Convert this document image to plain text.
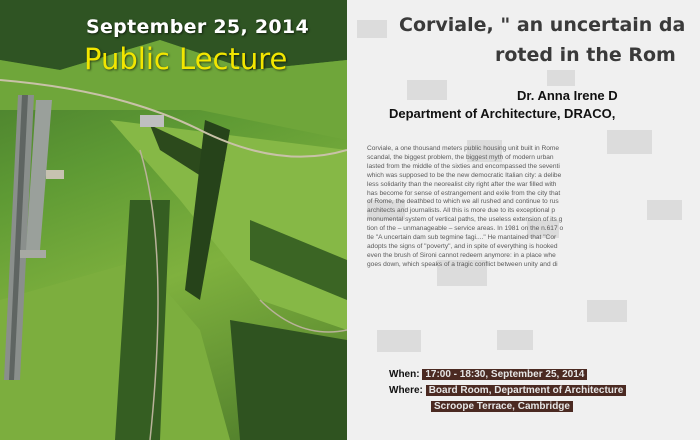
September 25, 2014
Public Lecture
Corviale, " an uncertain da
roted in the Rom
Dr. Anna Irene D
Department of Architecture, DRACO,
Corviale, a one thousand meters public housing unit built in Rome
scandal, the biggest problem, the biggest myth of modern urban
lasted from the middle of the sixties and encompassed the seventi
which was supposed to be the new democratic Italian city: a delibe
less solidarity than the neorealist city right after the war filled with
has become for sense of estrangement and exile from the city that
of Rome, the deathbed to which we all rushed and continue to rus
architects and journalists. All this is more due to its exceptional p
monumental system of vertical paths, the useless extension of its g
tion of the – unmanageable – service areas. In 1981 on the n.617 o
tle "A uncertain dam sub tegmine fagi...." He mantained that "Cor
adopts the signs of "poverty", and in spite of everything is hooked
even the brush of Sironi cannot redeem anymore: in a place whe
goes down, which speaks of a tragic conflict between unity and di
When: 17:00 - 18:30, September 25, 2014
Where: Board Room, Department of Architecture
Scroope Terrace, Cambridge
